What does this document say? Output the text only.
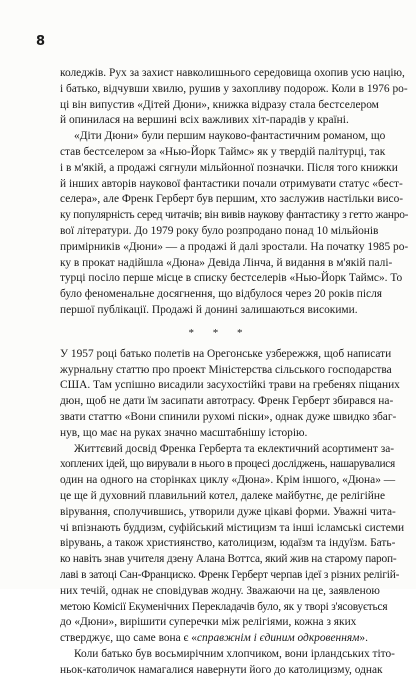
8
коледжів. Рух за захист навколишнього середовища охопив усю націю,
і батько, відчувши хвилю, рушив у захопливу подорож. Коли в 1976 ро-
ці він випустив «Дітей Дюни», книжка відразу стала бестселером
й опинилася на вершині всіх важливих хіт-парадів у країні.
«Діти Дюни» були першим науково-фантастичним романом, що
став бестселером за «Нью-Йорк Таймс» як у твердій палітурці, так
і в м'якій, а продажі сягнули мільйонної позначки. Після того книжки
й інших авторів наукової фантастики почали отримувати статус «бест-
селера», але Френк Герберт був першим, хто заслужив настільки висо-
ку популярність серед читачів; він вивів наукову фантастику з гетто жанро-
вої літератури. До 1979 року було розпродано понад 10 мільйонів
примірників «Дюни» — а продажі й далі зростали. На початку 1985 ро-
ку в прокат надійшла «Дюна» Девіда Лінча, й видання в м'якій палі-
турці посіло перше місце в списку бестселерів «Нью-Йорк Таймс». То
було феноменальне досягнення, що відбулося через 20 років після
першої публікації. Продажі й донині залишаються високими.
* * *
У 1957 році батько полетів на Орегонське узбережжя, щоб написати
журнальну статтю про проект Міністерства сільського господарства
США. Там успішно висадили засухостійкі трави на гребенях піщаних
дюн, щоб не дати їм засипати автотрасу. Френк Герберт збирався на-
звати статтю «Вони спинили рухомі піски», однак дуже швидко збаг-
нув, що має на руках значно масштабнішу історію.
Життєвий досвід Френка Герберта та еклектичний асортимент за-
хоплених ідей, що вирували в нього в процесі досліджень, нашарувалися
один на одного на сторінках циклу «Дюна». Крім іншого, «Дюна» —
це ще й духовний плавильний котел, далеке майбутнє, де релігійне
вірування, сполучившись, утворили дуже цікаві форми. Уважні чита-
чі впізнають буддизм, суфійський містицизм та інші ісламські системи
вірувань, а також християнство, католицизм, юдаїзм та індуїзм. Бать-
ко навіть знав учителя дзену Алана Воттса, який жив на старому пароп-
лаві в затоці Сан-Франциско. Френк Герберт черпав ідеї з різних релігій-
них течій, однак не сповідував жодну. Зважаючи на це, заявленою
метою Комісії Екуменічних Перекладачів було, як у творі з'ясовується
до «Дюни», вирішити суперечки між релігіями, кожна з яких
стверджує, що саме вона є «справжнім і єдиним одкровенням».
Коли батько був восьмирічним хлопчиком, вони ірландських тіто-
ньок-католичок намагалися навернути його до католицизму, однак
